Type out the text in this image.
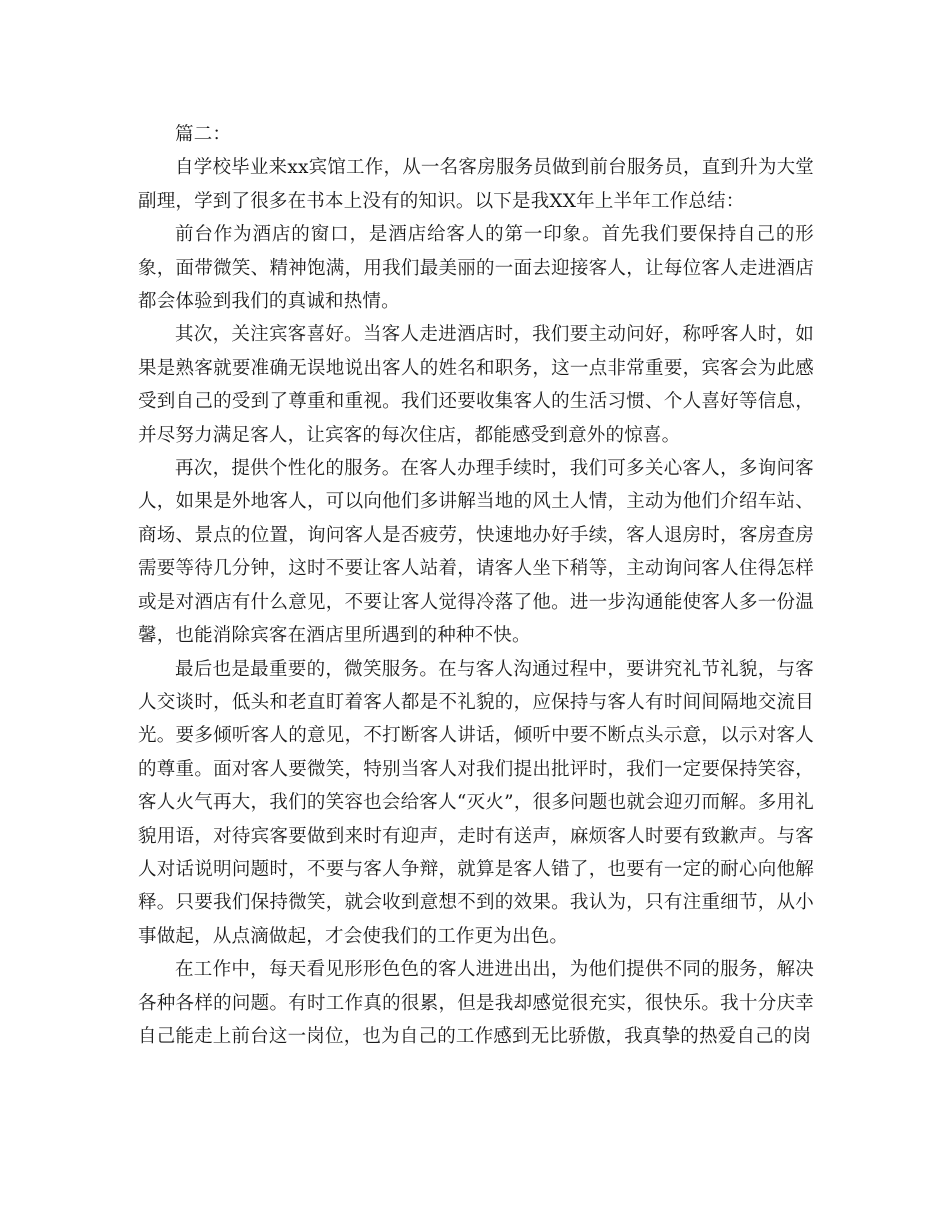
篇二：

自学校毕业来xx宾馆工作，从一名客房服务员做到前台服务员，直到升为大堂副理，学到了很多在书本上没有的知识。以下是我XX年上半年工作总结：

前台作为酒店的窗口，是酒店给客人的第一印象。首先我们要保持自己的形象，面带微笑、精神饱满，用我们最美丽的一面去迎接客人，让每位客人走进酒店都会体验到我们的真诚和热情。

其次，关注宾客喜好。当客人走进酒店时，我们要主动问好，称呼客人时，如果是熟客就要准确无误地说出客人的姓名和职务，这一点非常重要，宾客会为此感受到自己的受到了尊重和重视。我们还要收集客人的生活习惯、个人喜好等信息，并尽努力满足客人，让宾客的每次住店，都能感受到意外的惊喜。

再次，提供个性化的服务。在客人办理手续时，我们可多关心客人，多询问客人，如果是外地客人，可以向他们多讲解当地的风土人情，主动为他们介绍车站、商场、景点的位置，询问客人是否疲劳，快速地办好手续，客人退房时，客房查房需要等待几分钟，这时不要让客人站着，请客人坐下稍等，主动询问客人住得怎样或是对酒店有什么意见，不要让客人觉得冷落了他。进一步沟通能使客人多一份温馨，也能消除宾客在酒店里所遇到的种种不快。

最后也是最重要的，微笑服务。在与客人沟通过程中，要讲究礼节礼貌，与客人交谈时，低头和老直盯着客人都是不礼貌的，应保持与客人有时间间隔地交流目光。要多倾听客人的意见，不打断客人讲话，倾听中要不断点头示意，以示对客人的尊重。面对客人要微笑，特别当客人对我们提出批评时，我们一定要保持笑容，客人火气再大，我们的笑容也会给客人“灭火”，很多问题也就会迎刃而解。多用礼貌用语，对待宾客要做到来时有迎声，走时有送声，麻烦客人时要有致歉声。与客人对话说明问题时，不要与客人争辩，就算是客人错了，也要有一定的耐心向他解释。只要我们保持微笑，就会收到意想不到的效果。我认为，只有注重细节，从小事做起，从点滴做起，才会使我们的工作更为出色。

在工作中，每天看见形形色色的客人进进出出，为他们提供不同的服务，解决各种各样的问题。有时工作真的很累，但是我却感觉很充实，很快乐。我十分庆幸自己能走上前台这一岗位，也为自己的工作感到无比骄傲，我真挚的热爱自己的岗
